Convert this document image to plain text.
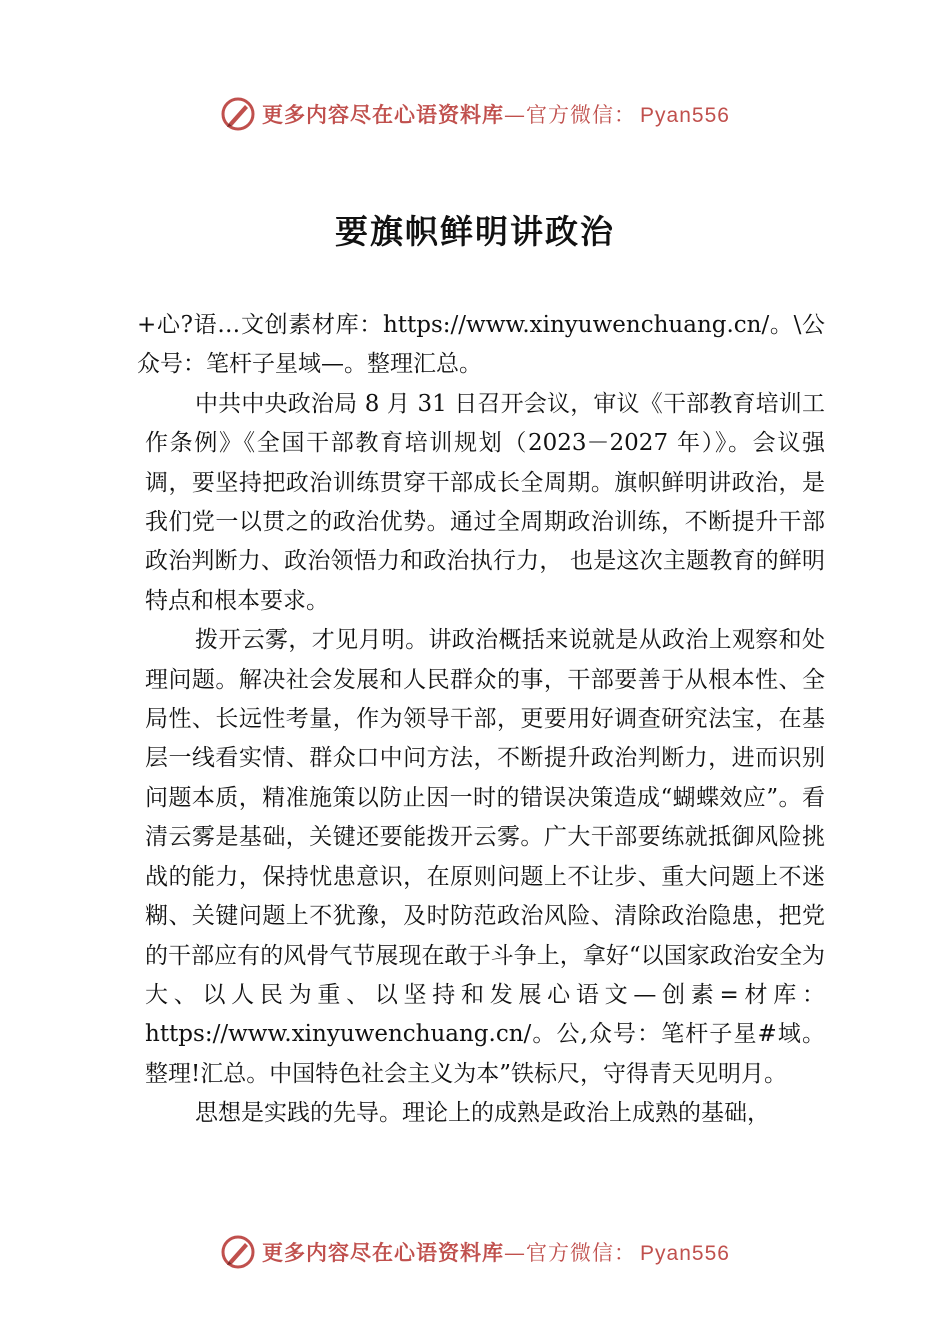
更多内容尽在心语资料库—官方微信： Pyan556
要旗帜鲜明讲政治

+心?语…文创素材库：https://www.xinyuwenchuang.cn/。\公众号：笔杆子星域—。整理汇总。

中共中央政治局 8 月 31 日召开会议，审议《干部教育培训工作条例》《全国干部教育培训规划（2023－2027 年）》。会议强调，要坚持把政治训练贯穿干部成长全周期。旗帜鲜明讲政治，是我们党一以贯之的政治优势。通过全周期政治训练，不断提升干部政治判断力、政治领悟力和政治执行力， 也是这次主题教育的鲜明特点和根本要求。

拨开云雾，才见月明。讲政治概括来说就是从政治上观察和处理问题。解决社会发展和人民群众的事，干部要善于从根本性、全局性、长远性考量，作为领导干部，更要用好调查研究法宝，在基层一线看实情、群众口中问方法，不断提升政治判断力，进而识别问题本质，精准施策以防止因一时的错误决策造成“蝴蝶效应”。看清云雾是基础，关键还要能拨开云雾。广大干部要练就抵御风险挑战的能力，保持忧患意识，在原则问题上不让步、重大问题上不迷糊、关键问题上不犹豫，及时防范政治风险、清除政治隐患，把党的干部应有的风骨气节展现在敢于斗争上，拿好“以国家政治安全为大、以人民为重、以坚持和发展心语文—创素=材库：https://www.xinyuwenchuang.cn/。公,众号：笔杆子星#域。整理!汇总。中国特色社会主义为本”铁标尺，守得青天见明月。

思想是实践的先导。理论上的成熟是政治上成熟的基础，

更多内容尽在心语资料库—官方微信： Pyan556
